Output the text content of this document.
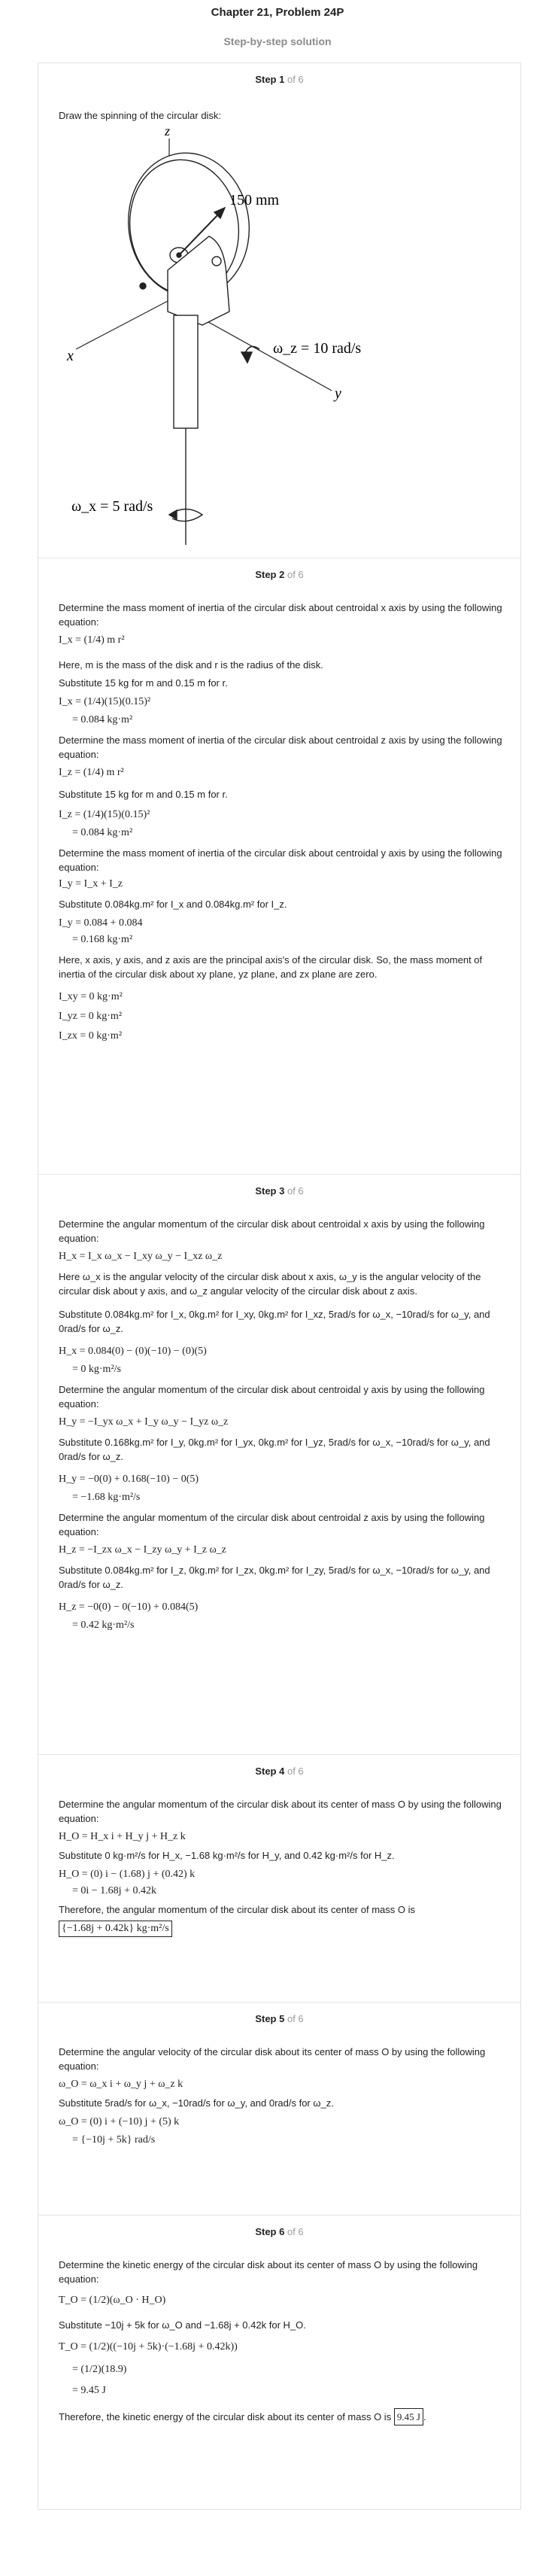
Chapter 21, Problem 24P
Step-by-step solution
Step 1 of 6
Draw the spinning of the circular disk:
z
x
y
150 mm
ω_z = 10 rad/s
ω_x = 5 rad/s
Step 2 of 6
Determine the mass moment of inertia of the circular disk about centroidal x axis by using the following equation:
I_x = (1/4) m r²
Here, m is the mass of the disk and r is the radius of the disk.
Substitute 15 kg for m and 0.15 m for r.
I_x = (1/4)(15)(0.15)²
= 0.084 kg·m²
Determine the mass moment of inertia of the circular disk about centroidal z axis by using the following equation:
I_z = (1/4) m r²
Substitute 15 kg for m and 0.15 m for r.
I_z = (1/4)(15)(0.15)²
= 0.084 kg·m²
Determine the mass moment of inertia of the circular disk about centroidal y axis by using the following equation:
I_y = I_x + I_z
Substitute 0.084kg.m² for I_x and 0.084kg.m² for I_z.
I_y = 0.084 + 0.084
= 0.168 kg·m²
Here, x axis, y axis, and z axis are the principal axis's of the circular disk. So, the mass moment of inertia of the circular disk about xy plane, yz plane, and zx plane are zero.
I_xy = 0 kg·m²
I_yz = 0 kg·m²
I_zx = 0 kg·m²
Step 3 of 6
Determine the angular momentum of the circular disk about centroidal x axis by using the following equation:
H_x = I_x ω_x − I_xy ω_y − I_xz ω_z
Here ω_x is the angular velocity of the circular disk about x axis, ω_y is the angular velocity of the circular disk about y axis, and ω_z angular velocity of the circular disk about z axis.
Substitute 0.084kg.m² for I_x, 0kg.m² for I_xy, 0kg.m² for I_xz, 5rad/s for ω_x, −10rad/s for ω_y, and 0rad/s for ω_z.
H_x = 0.084(0) − (0)(−10) − (0)(5)
= 0 kg·m²/s
Determine the angular momentum of the circular disk about centroidal y axis by using the following equation:
H_y = −I_yx ω_x + I_y ω_y − I_yz ω_z
Substitute 0.168kg.m² for I_y, 0kg.m² for I_yx, 0kg.m² for I_yz, 5rad/s for ω_x, −10rad/s for ω_y, and 0rad/s for ω_z.
H_y = −0(0) + 0.168(−10) − 0(5)
= −1.68 kg·m²/s
Determine the angular momentum of the circular disk about centroidal z axis by using the following equation:
H_z = −I_zx ω_x − I_zy ω_y + I_z ω_z
Substitute 0.084kg.m² for I_z, 0kg.m² for I_zx, 0kg.m² for I_zy, 5rad/s for ω_x, −10rad/s for ω_y, and 0rad/s for ω_z.
H_z = −0(0) − 0(−10) + 0.084(5)
= 0.42 kg·m²/s
Step 4 of 6
Determine the angular momentum of the circular disk about its center of mass O by using the following equation:
H_O = H_x i + H_y j + H_z k
Substitute 0 kg·m²/s for H_x, −1.68 kg·m²/s for H_y, and 0.42 kg·m²/s for H_z.
H_O = (0) i − (1.68) j + (0.42) k
= 0i − 1.68j + 0.42k
Therefore, the angular momentum of the circular disk about its center of mass O is
{−1.68j + 0.42k} kg·m²/s
Step 5 of 6
Determine the angular velocity of the circular disk about its center of mass O by using the following equation:
ω_O = ω_x i + ω_y j + ω_z k
Substitute 5rad/s for ω_x, −10rad/s for ω_y, and 0rad/s for ω_z.
ω_O = (0) i + (−10) j + (5) k
= {−10j + 5k} rad/s
Step 6 of 6
Determine the kinetic energy of the circular disk about its center of mass O by using the following equation:
T_O = (1/2)(ω_O · H_O)
Substitute −10j + 5k for ω_O and −1.68j + 0.42k for H_O.
T_O = (1/2)((−10j + 5k)·(−1.68j + 0.42k))
= (1/2)(18.9)
= 9.45 J
Therefore, the kinetic energy of the circular disk about its center of mass O is 9.45 J .
